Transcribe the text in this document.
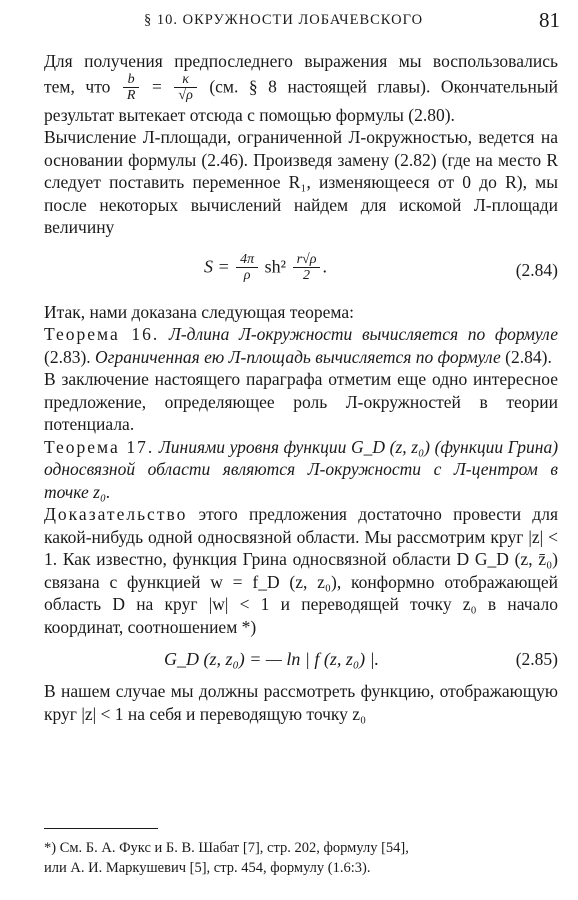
§ 10. ОКРУЖНОСТИ ЛОБАЧЕВСКОГО	81

Для получения предпоследнего выражения мы воспользовались тем, что $\frac{b}{R} = \frac{\kappa}{√\rho} (см$. § 8 настоящей главы). Окончательный результат вытекает отсюда с помощью формулы (2.80).

Вычисление Л-площади, ограниченной Л-окружностью, ведется на основании формулы (2.46). Произведя замену (2.82) (где на место R следует поставить переменное R₁, изменяющееся от 0 до R), мы после некоторых вычислений найдем для искомой Л-площади величину

$S = \frac{4\pi}{\rho} sh^2 \frac{r√\rho}{2}$ .	(2.84)

Итак, нами доказана следующая теорема:

Теорема 16. Л-длина Л-окружности вычисляется по формуле (2.83). Ограниченная ею Л-площадь вычисляется по формуле (2.84).

В заключение настоящего параграфа отметим еще одно интересное предложение, определяющее роль Л-окружностей в теории потенциала.

Теорема 17. Линиями уровня функции G_D (z, z₀) (функции Грина) односвязной области являются Л-окружности с Л-центром в точке z₀.

Доказательство этого предложения достаточно провести для какой-нибудь одной односвязной области. Мы рассмотрим круг |z| < 1. Как известно, функция Грина односвязной области D G_D (z, z̄₀) связана с функцией w = f_D (z, z₀), конформно отображающей область D на круг |w| < 1 и переводящей точку z₀ в начало координат, соотношением *)

G_D (z, z₀) = — ln | f (z, z₀) |.	(2.85)

В нашем случае мы должны рассмотреть функцию, отображающую круг |z| < 1 на себя и переводящую точку z₀

*) См. Б. А. Фукс и Б. В. Шабат [7], стр. 202, формулу [54],
или А. И. Маркушевич [5], стр. 454, формулу (1.6:3).
